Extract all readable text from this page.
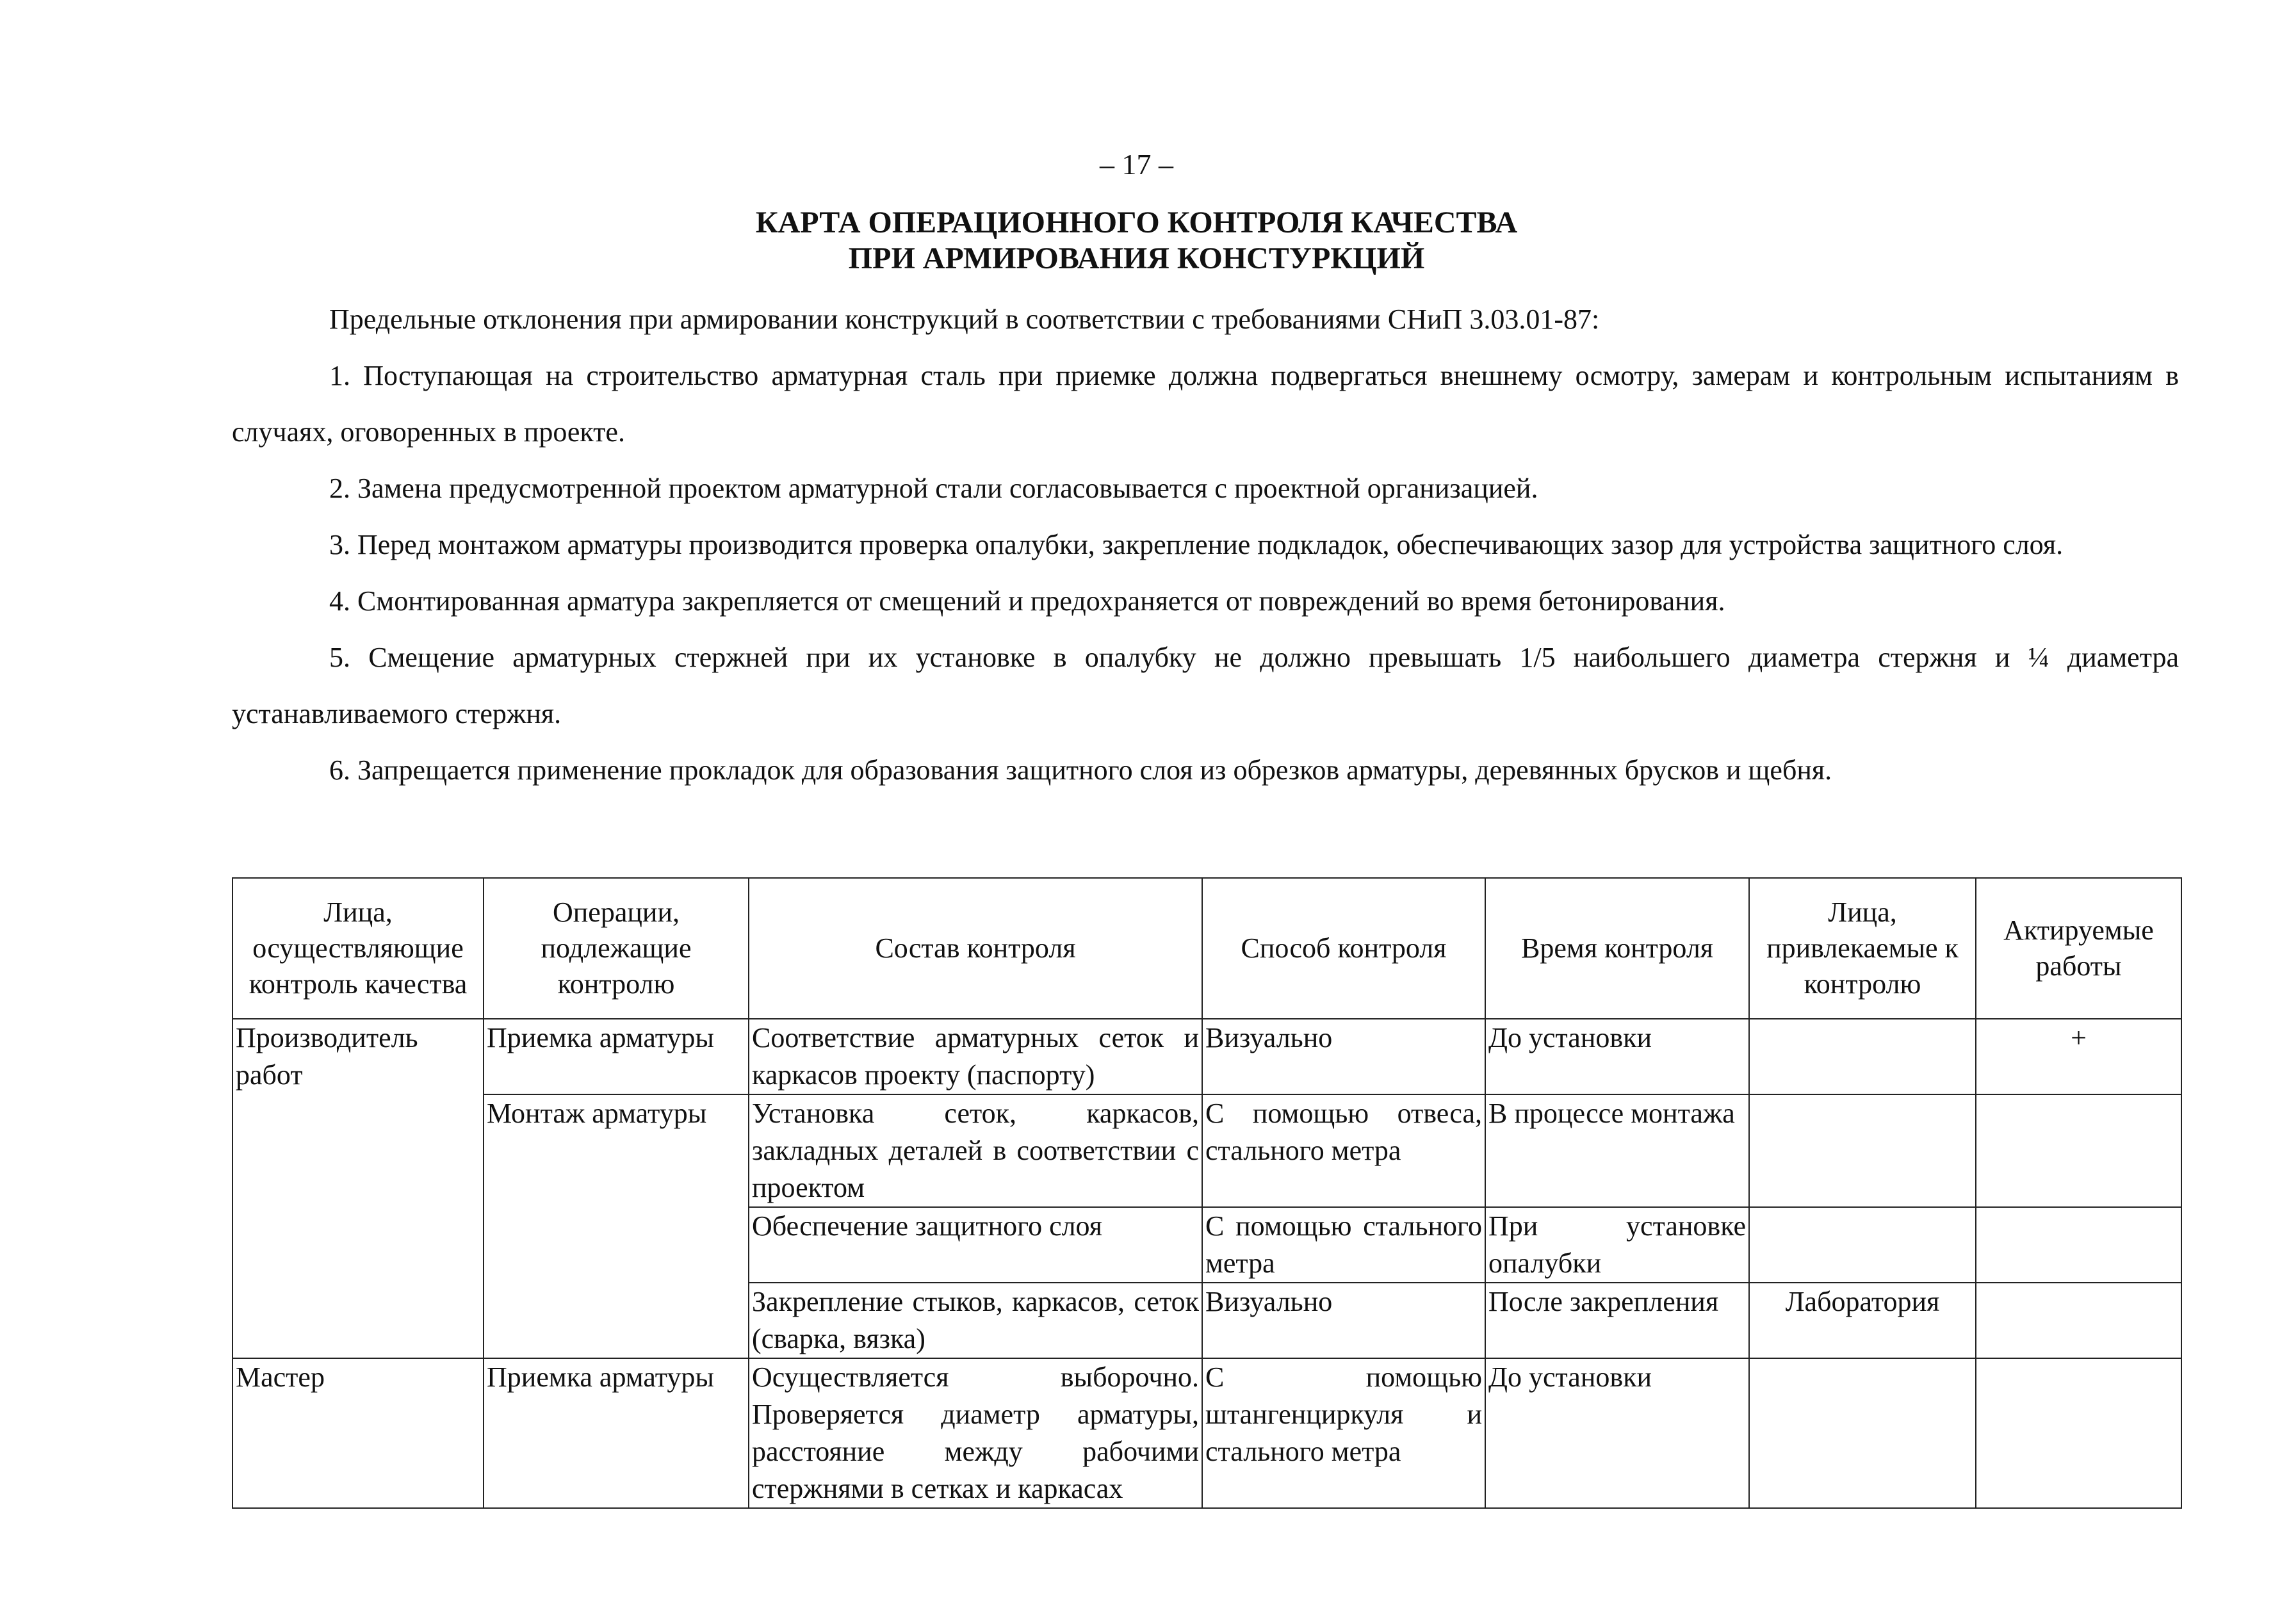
– 17 –
КАРТА ОПЕРАЦИОННОГО КОНТРОЛЯ КАЧЕСТВА
ПРИ АРМИРОВАНИЯ КОНСТУРКЦИЙ

Предельные отклонения при армировании конструкций в соответствии с требованиями СНиП 3.03.01-87:

1. Поступающая на строительство арматурная сталь при приемке должна подвергаться внешнему осмотру, замерам и контрольным испытаниям в случаях, оговоренных в проекте.

2. Замена предусмотренной проектом арматурной стали согласовывается с проектной организацией.

3. Перед монтажом арматуры производится проверка опалубки, закрепление подкладок, обеспечивающих зазор для устройства защитного слоя.

4. Смонтированная арматура закрепляется от смещений и предохраняется от повреждений во время бетонирования.

5. Смещение арматурных стержней при их установке в опалубку не должно превышать 1/5 наибольшего диаметра стержня и ¼ диаметра устанавливаемого стержня.

6. Запрещается применение прокладок для образования защитного слоя из обрезков арматуры, деревянных брусков и щебня.

Лица, осуществляющие контроль качества	Операции, подлежащие контролю	Состав контроля	Способ контроля	Время контроля	Лица, привлекаемые к контролю	Актируемые работы
Производитель работ	Приемка арматуры	Соответствие арматурных сеток и каркасов проекту (паспорту)	Визуально	До установки		+
	Монтаж арматуры	Установка сеток, каркасов, закладных деталей в соответствии с проектом	С помощью отвеса, стального метра	В процессе монтажа		
		Обеспечение защитного слоя	С помощью стального метра	При установке опалубки		
		Закрепление стыков, каркасов, сеток (сварка, вязка)	Визуально	После закрепления	Лаборатория	
Мастер	Приемка арматуры	Осуществляется выборочно. Проверяется диаметр арматуры, расстояние между рабочими стержнями в сетках и каркасах	С помощью штангенциркуля и стального метра	До установки		
